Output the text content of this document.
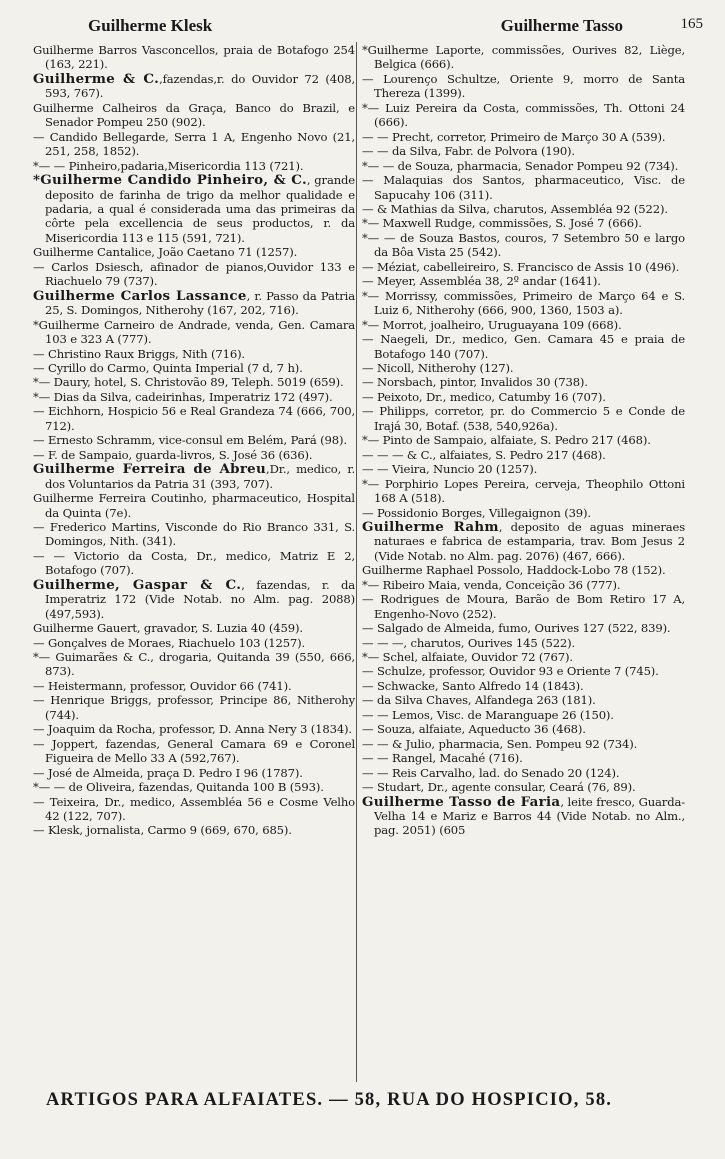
Guilherme Klesk	Guilherme Tasso	165

Guilherme Barros Vasconcellos, praia de Botafogo 254 (163, 221).

Guilherme & C.,fazendas,r. do Ouvidor 72 (408, 593, 767).

Guilherme Calheiros da Graça, Banco do Brazil, e Senador Pompeu 250 (902).

— Candido Bellegarde, Serra 1 A, Engenho Novo (21, 251, 258, 1852).

*— — Pinheiro,padaria,Misericordia 113 (721).

*Guilherme Candido Pinheiro, & C., grande deposito de farinha de trigo da melhor qualidade e padaria, a qual é considerada uma das primeiras da côrte pela excellencia de seus productos, r. da Misericordia 113 e 115 (591, 721).

Guilherme Cantalice, João Caetano 71 (1257).

— Carlos Dsiesch, afinador de pianos,Ouvidor 133 e Riachuelo 79 (737).

Guilherme Carlos Lassance, r. Passo da Patria 25, S. Domingos, Nitherohy (167, 202, 716).

*Guilherme Carneiro de Andrade, venda, Gen. Camara 103 e 323 A (777).

— Christino Raux Briggs, Nith (716).

— Cyrillo do Carmo, Quinta Imperial (7 d, 7 h).

*— Daury, hotel, S. Christovão 89, Teleph. 5019 (659).

*— Dias da Silva, cadeirinhas, Imperatriz 172 (497).

— Eichhorn, Hospicio 56 e Real Grandeza 74 (666, 700, 712).

— Ernesto Schramm, vice-consul em Belém, Pará (98).

— F. de Sampaio, guarda-livros, S. José 36 (636).

Guilherme Ferreira de Abreu,Dr., medico, r. dos Voluntarios da Patria 31 (393, 707).

Guilherme Ferreira Coutinho, pharmaceutico, Hospital da Quinta (7e).

— Frederico Martins, Visconde do Rio Branco 331, S. Domingos, Nith. (341).

— — Victorio da Costa, Dr., medico, Matriz E 2, Botafogo (707).

Guilherme, Gaspar & C., fazendas, r. da Imperatriz 172 (Vide Notab. no Alm. pag. 2088) (497,593).

Guilherme Gauert, gravador, S. Luzia 40 (459).

— Gonçalves de Moraes, Riachuelo 103 (1257).

*— Guimarães & C., drogaria, Quitanda 39 (550, 666, 873).

— Heistermann, professor, Ouvidor 66 (741).

— Henrique Briggs, professor, Principe 86, Nitherohy (744).

— Joaquim da Rocha, professor, D. Anna Nery 3 (1834).

— Joppert, fazendas, General Camara 69 e Coronel Figueira de Mello 33 A (592,767).

— José de Almeida, praça D. Pedro I 96 (1787).

*— — de Oliveira, fazendas, Quitanda 100 B (593).

— Teixeira, Dr., medico, Assembléa 56 e Cosme Velho 42 (122, 707).

— Klesk, jornalista, Carmo 9 (669, 670, 685).

*Guilherme Laporte, commissões, Ourives 82, Liège, Belgica (666).

— Lourenço Schultze, Oriente 9, morro de Santa Thereza (1399).

*— Luiz Pereira da Costa, commissões, Th. Ottoni 24 (666).

— — Precht, corretor, Primeiro de Março 30 A (539).

— — da Silva, Fabr. de Polvora (190).

*— — de Souza, pharmacia, Senador Pompeu 92 (734).

— Malaquias dos Santos, pharmaceutico, Visc. de Sapucahy 106 (311).

— & Mathias da Silva, charutos, Assembléa 92 (522).

*— Maxwell Rudge, commissões, S. José 7 (666).

*— — de Souza Bastos, couros, 7 Setembro 50 e largo da Bôa Vista 25 (542).

— Méziat, cabelleireiro, S. Francisco de Assis 10 (496).

— Meyer, Assembléa 38, 2º andar (1641).

*— Morrissy, commissões, Primeiro de Março 64 e S. Luiz 6, Nitherohy (666, 900, 1360, 1503 a).

*— Morrot, joalheiro, Uruguayana 109 (668).

— Naegeli, Dr., medico, Gen. Camara 45 e praia de Botafogo 140 (707).

— Nicoll, Nitherohy (127).

— Norsbach, pintor, Invalidos 30 (738).

— Peixoto, Dr., medico, Catumby 16 (707).

— Philipps, corretor, pr. do Commercio 5 e Conde de Irajá 30, Botaf. (538, 540,926a).

*— Pinto de Sampaio, alfaiate, S. Pedro 217 (468).

— — — & C., alfaiates, S. Pedro 217 (468).

— — Vieira, Nuncio 20 (1257).

*— Porphirio Lopes Pereira, cerveja, Theophilo Ottoni 168 A (518).

— Possidonio Borges, Villegaignon (39).

Guilherme Rahm, deposito de aguas mineraes naturaes e fabrica de estamparia, trav. Bom Jesus 2 (Vide Notab. no Alm. pag. 2076) (467, 666).

Guilherme Raphael Possolo, Haddock-Lobo 78 (152).

*— Ribeiro Maia, venda, Conceição 36 (777).

— Rodrigues de Moura, Barão de Bom Retiro 17 A, Engenho-Novo (252).

— Salgado de Almeida, fumo, Ourives 127 (522, 839).

— — —, charutos, Ourives 145 (522).

*— Schel, alfaiate, Ouvidor 72 (767).

— Schulze, professor, Ouvidor 93 e Oriente 7 (745).

— Schwacke, Santo Alfredo 14 (1843).

— da Silva Chaves, Alfandega 263 (181).

— — Lemos, Visc. de Maranguape 26 (150).

— Souza, alfaiate, Aqueducto 36 (468).

— — & Julio, pharmacia, Sen. Pompeu 92 (734).

— — Rangel, Macahé (716).

— — Reis Carvalho, lad. do Senado 20 (124).

— Studart, Dr., agente consular, Ceará (76, 89).

Guilherme Tasso de Faria, leite fresco, Guarda-Velha 14 e Mariz e Barros 44 (Vide Notab. no Alm., pag. 2051) (605

ARTIGOS PARA ALFAIATES. — 58, RUA DO HOSPICIO, 58.
